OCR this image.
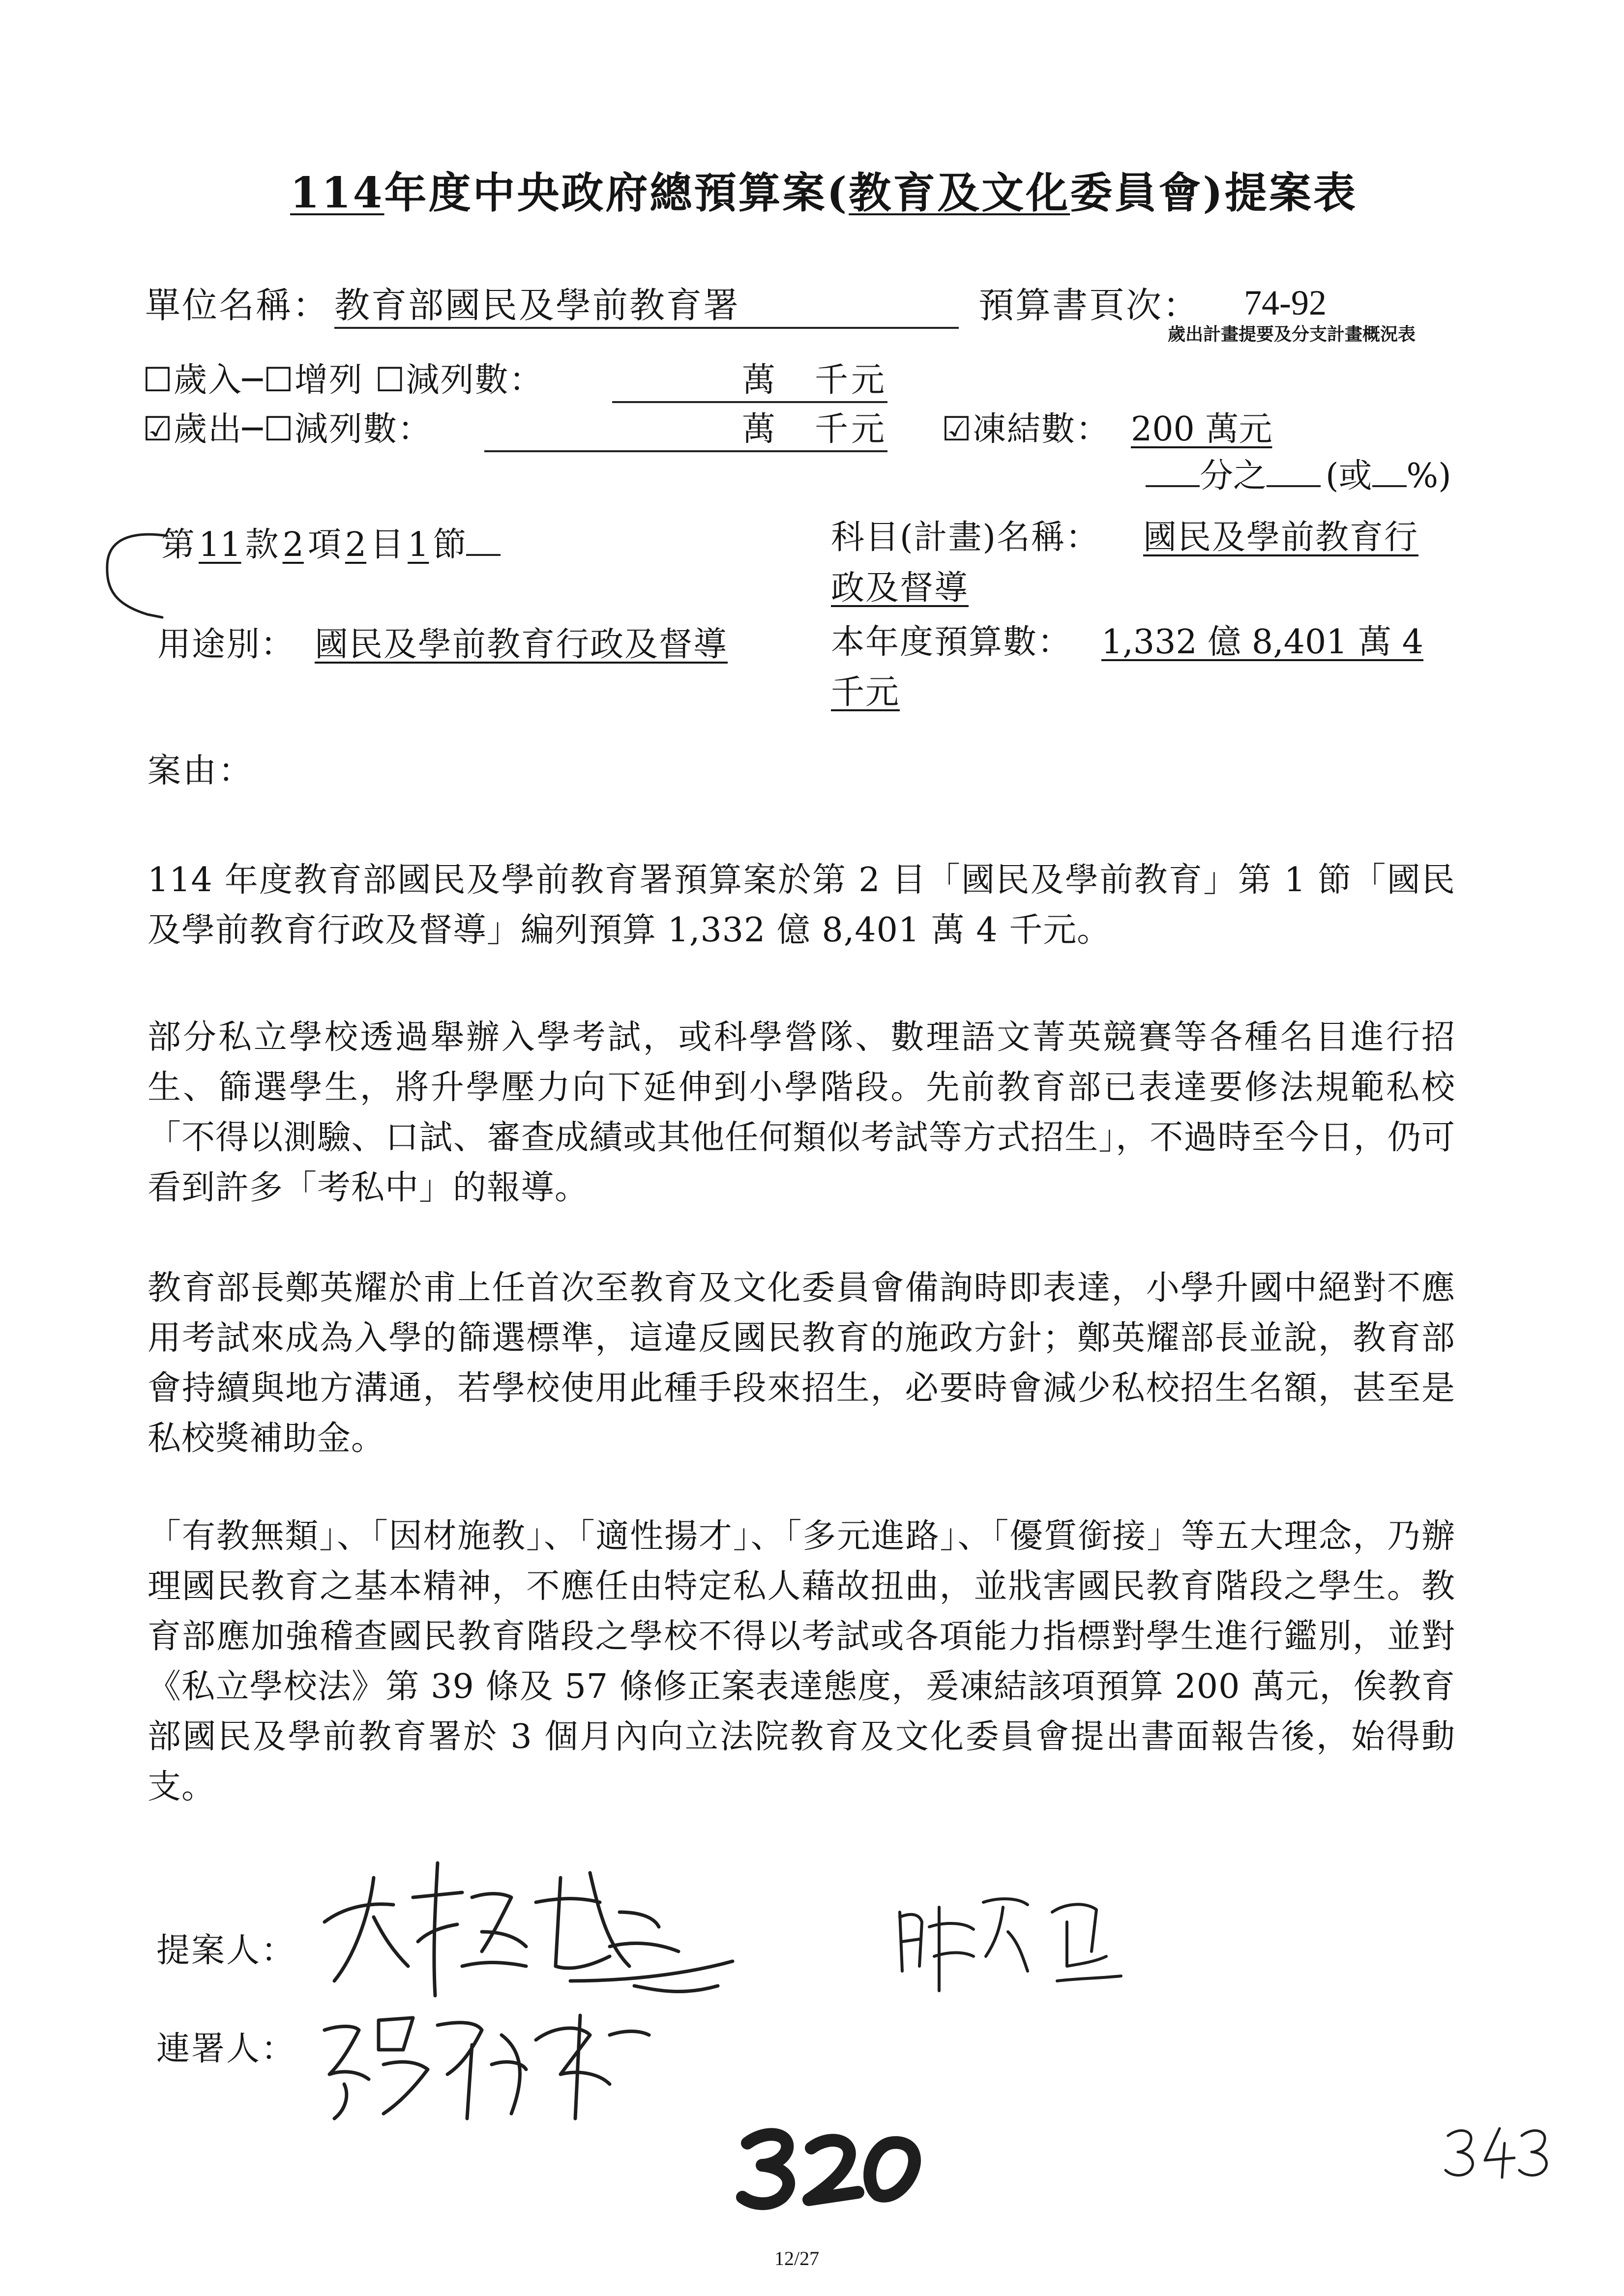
114年度中央政府總預算案(教育及文化委員會)提案表
單位名稱： 教育部國民及學前教育署	預算書頁次： 74-92
歲出計畫提要及分支計畫概況表
☐歲入─☐增列 ☐減列數：	萬　千元
☑歲出─☐減列數：	萬　千元 ☑凍結數： 200 萬元
分之 (或 %)
第 11 款 2 項 2 目 1 節	科目(計畫)名稱： 國民及學前教育行
政及督導
用途別： 國民及學前教育行政及督導	本年度預算數： 1,332 億 8,401 萬 4
千元
案由：
114 年度教育部國民及學前教育署預算案於第 2 目「國民及學前教育」第 1 節「國民及學前教育行政及督導」編列預算 1,332 億 8,401 萬 4 千元。
部分私立學校透過舉辦入學考試，或科學營隊、數理語文菁英競賽等各種名目進行招生、篩選學生，將升學壓力向下延伸到小學階段。先前教育部已表達要修法規範私校「不得以測驗、口試、審查成績或其他任何類似考試等方式招生」，不過時至今日，仍可看到許多「考私中」的報導。
教育部長鄭英耀於甫上任首次至教育及文化委員會備詢時即表達，小學升國中絕對不應用考試來成為入學的篩選標準，這違反國民教育的施政方針；鄭英耀部長並說，教育部會持續與地方溝通，若學校使用此種手段來招生，必要時會減少私校招生名額，甚至是私校獎補助金。
「有教無類」、「因材施教」、「適性揚才」、「多元進路」、「優質銜接」等五大理念，乃辦理國民教育之基本精神，不應任由特定私人藉故扭曲，並戕害國民教育階段之學生。教育部應加強稽查國民教育階段之學校不得以考試或各項能力指標對學生進行鑑別，並對《私立學校法》第 39 條及 57 條修正案表達態度，爰凍結該項預算 200 萬元，俟教育部國民及學前教育署於 3 個月內向立法院教育及文化委員會提出書面報告後，始得動支。
提案人：
連署人：
320	343
12/27
